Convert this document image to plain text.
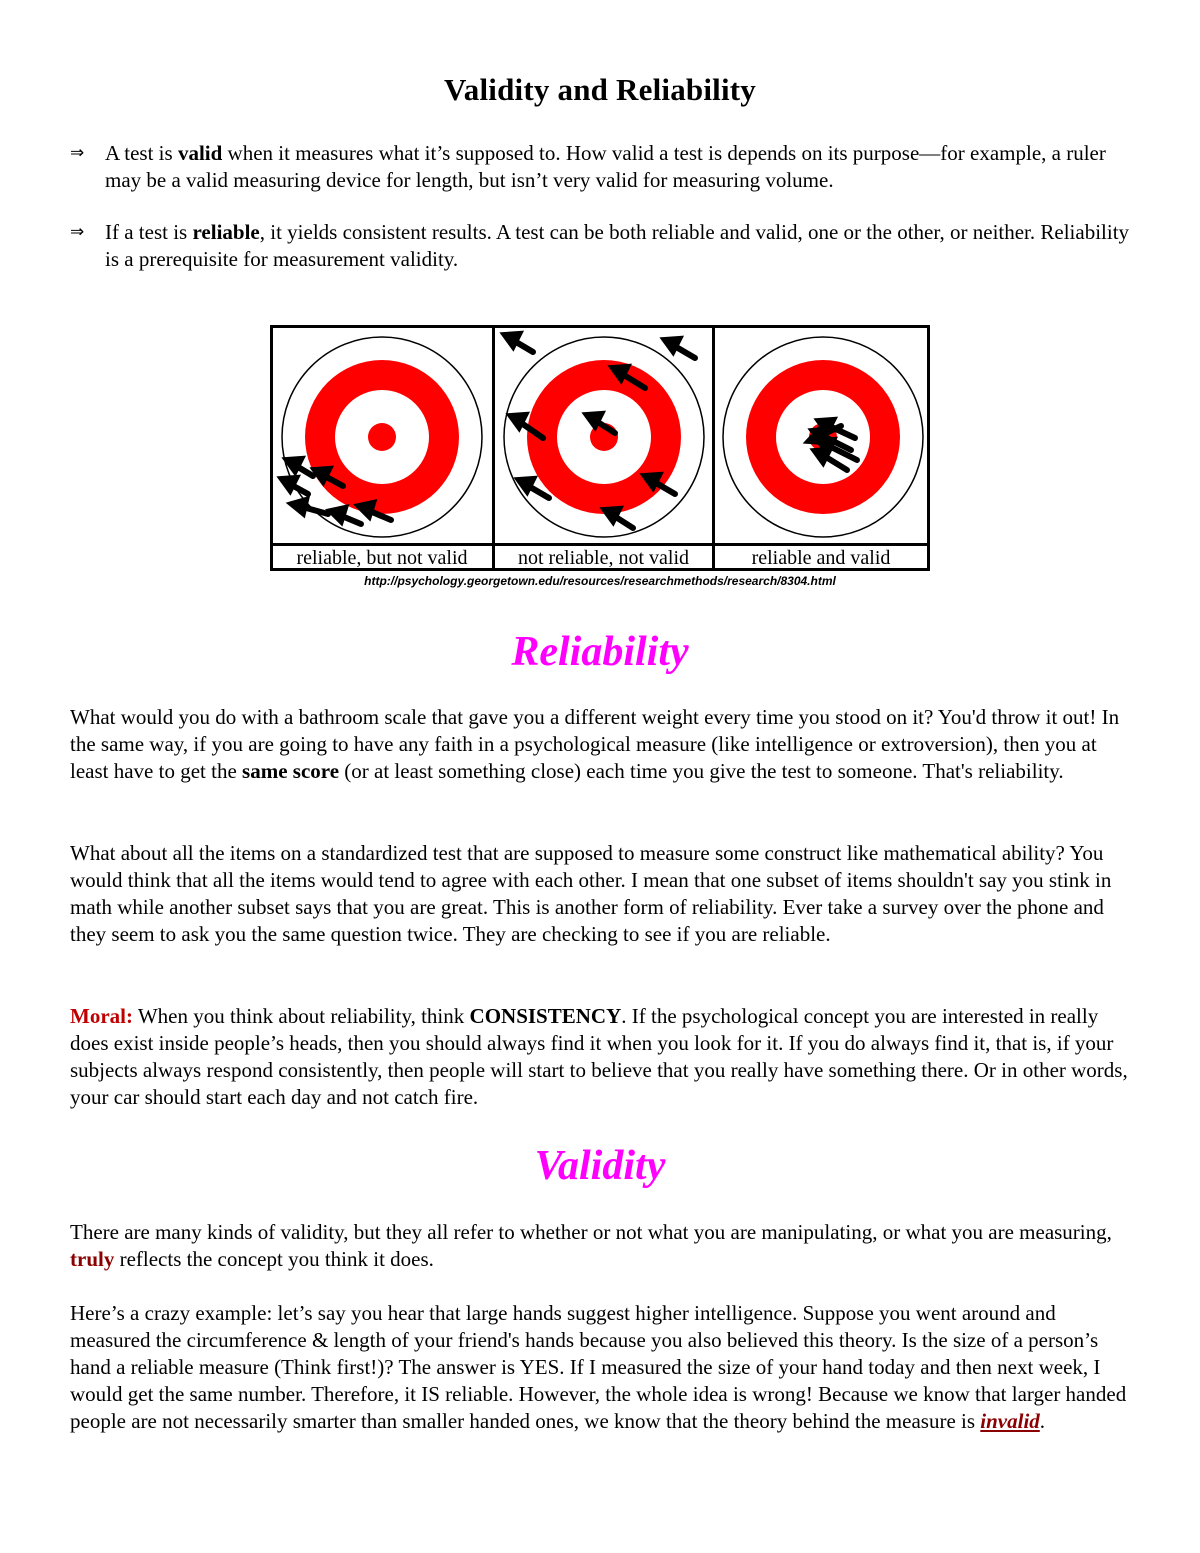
Validity and Reliability
⇒ A test is valid when it measures what it’s supposed to. How valid a test is depends on its purpose—for example, a ruler may be a valid measuring device for length, but isn’t very valid for measuring volume.
⇒ If a test is reliable, it yields consistent results. A test can be both reliable and valid, one or the other, or neither. Reliability is a prerequisite for measurement validity.
reliable, but not valid	not reliable, not valid	reliable and valid
http://psychology.georgetown.edu/resources/researchmethods/research/8304.html
Reliability

What would you do with a bathroom scale that gave you a different weight every time you stood on it? You'd throw it out! In the same way, if you are going to have any faith in a psychological measure (like intelligence or extroversion), then you at least have to get the same score (or at least something close) each time you give the test to someone. That's reliability.

What about all the items on a standardized test that are supposed to measure some construct like mathematical ability? You would think that all the items would tend to agree with each other. I mean that one subset of items shouldn't say you stink in math while another subset says that you are great. This is another form of reliability. Ever take a survey over the phone and they seem to ask you the same question twice. They are checking to see if you are reliable.

Moral: When you think about reliability, think CONSISTENCY. If the psychological concept you are interested in really does exist inside people’s heads, then you should always find it when you look for it. If you do always find it, that is, if your subjects always respond consistently, then people will start to believe that you really have something there. Or in other words, your car should start each day and not catch fire.

Validity

There are many kinds of validity, but they all refer to whether or not what you are manipulating, or what you are measuring, truly reflects the concept you think it does.

Here’s a crazy example: let’s say you hear that large hands suggest higher intelligence. Suppose you went around and measured the circumference & length of your friend's hands because you also believed this theory. Is the size of a person’s hand a reliable measure (Think first!)? The answer is YES. If I measured the size of your hand today and then next week, I would get the same number. Therefore, it IS reliable. However, the whole idea is wrong! Because we know that larger handed people are not necessarily smarter than smaller handed ones, we know that the theory behind the measure is invalid.
